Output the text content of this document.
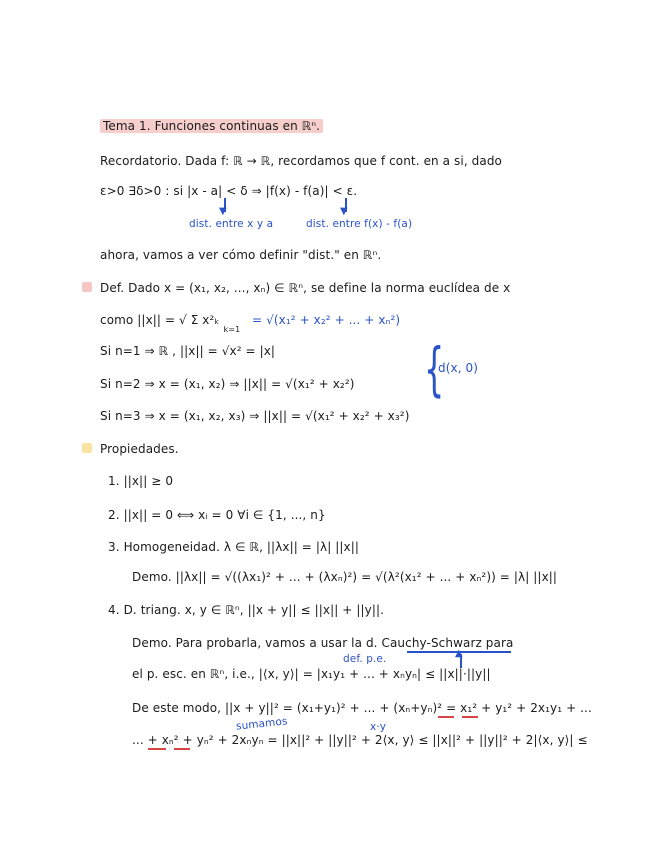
Tema 1. Funciones continuas en ℝⁿ.
Recordatorio. Dada f: ℝ → ℝ, recordamos que f cont. en a si, dado
ε>0 ∃δ>0 : si |x - a| < δ ⇒ |f(x) - f(a)| < ε.
▼	▼
dist. entre x y a	dist. entre f(x) - f(a)
ahora, vamos a ver cómo definir "dist." en ℝⁿ.
Def. Dado x = (x₁, x₂, ..., xₙ) ∈ ℝⁿ, se define la norma euclídea de x
como ||x|| = √ Σ x²ₖ $_{k=1}$   = √(x₁² + x₂² + ... + xₙ²)
Si n=1 ⇒ ℝ , ||x|| = √x² = |x|
Si n=2 ⇒ x = (x₁, x₂) ⇒ ||x|| = √(x₁² + x₂²)
Si n=3 ⇒ x = (x₁, x₂, x₃) ⇒ ||x|| = √(x₁² + x₂² + x₃²)
{
d(x, 0)
Propiedades.
1. ||x|| ≥ 0
2. ||x|| = 0 ⟺ xᵢ = 0 ∀i ∈ {1, ..., n}
3. Homogeneidad. λ ∈ ℝ, ||λx|| = |λ| ||x||
Demo. ||λx|| = √((λx₁)² + ... + (λxₙ)²) = √(λ²(x₁² + ... + xₙ²)) = |λ| ||x||
4. D. triang. x, y ∈ ℝⁿ, ||x + y|| ≤ ||x|| + ||y||.
Demo. Para probarla, vamos a usar la d. Cauchy-Schwarz para
▲
def. p.e.
el p. esc. en ℝⁿ, i.e., |⟨x, y⟩| = |x₁y₁ + ... + xₙyₙ| ≤ ||x||·||y||
De este modo, ||x + y||² = (x₁+y₁)² + ... + (xₙ+yₙ)² = x₁² + y₁² + 2x₁y₁ + ...
sumamos	x·y
... + xₙ² + yₙ² + 2xₙyₙ = ||x||² + ||y||² + 2⟨x, y⟩ ≤ ||x||² + ||y||² + 2|⟨x, y⟩| ≤
